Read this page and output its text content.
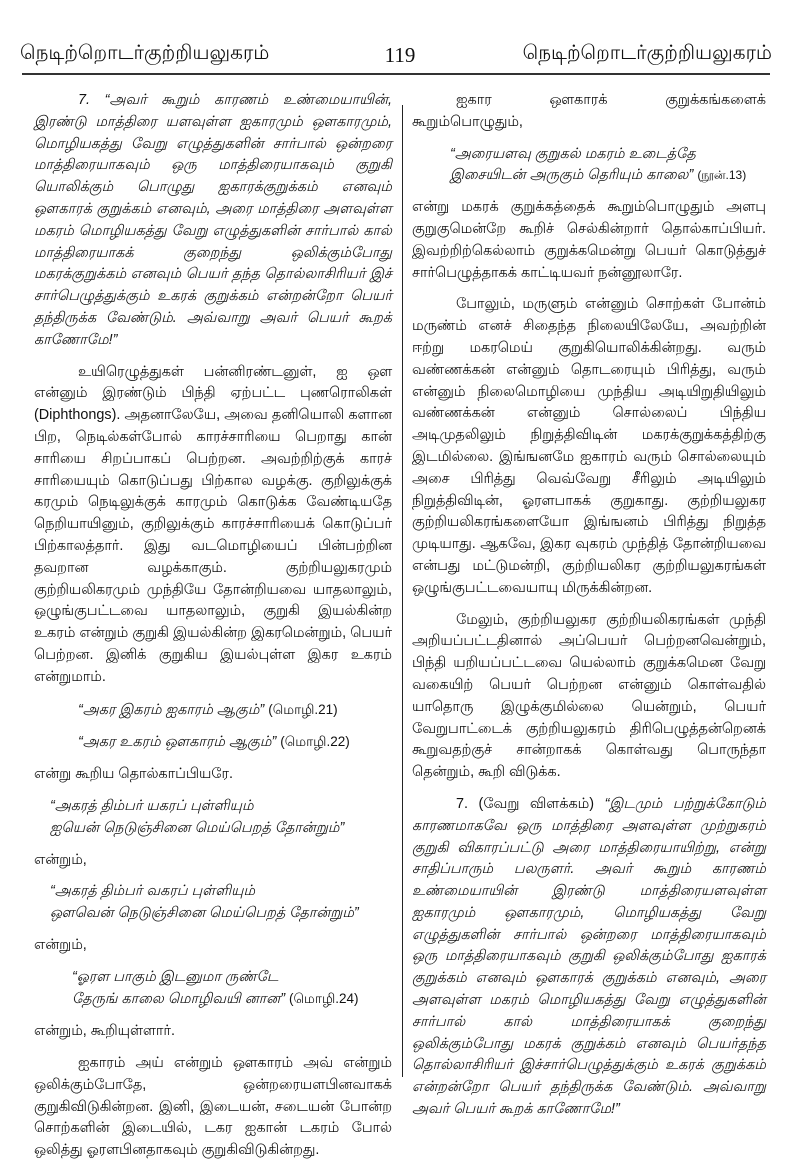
நெடிற்றொடர்குற்றியலுகரம்	119	நெடிற்றொடர்குற்றியலுகரம்

7. “அவர் கூறும் காரணம் உண்மையாயின், இரண்டு மாத்திரை யளவுள்ள ஐகாரமும் ஔகாரமும், மொழியகத்து வேறு எழுத்துகளின் சார்பால் ஒன்றரை மாத்திரையாகவும் ஒரு மாத்திரையாகவும் குறுகி யொலிக்கும் பொழுது ஐகாரக்குறுக்கம் எனவும் ஔகாரக் குறுக்கம் எனவும், அரை மாத்திரை அளவுள்ள மகரம் மொழியகத்து வேறு எழுத்துகளின் சார்பால் கால் மாத்திரையாகக் குறைந்து ஒலிக்கும்போது மகரக்குறுக்கம் எனவும் பெயர் தந்த தொல்லாசிரியர் இச் சார்பெழுத்துக்கும் உகரக் குறுக்கம் என்றன்றோ பெயர் தந்திருக்க வேண்டும். அவ்வாறு அவர் பெயர் கூறக் காணோமே!”

உயிரெழுத்துகள் பன்னிரண்டனுள், ஐ ஔ என்னும் இரண்டும் பிந்தி ஏற்பட்ட புணரொலிகள் (Diphthongs). அதனாலேயே, அவை தனியொலி களான பிற, நெடில்கள்போல் காரச்சாரியை பெறாது கான் சாரியை சிறப்பாகப் பெற்றன. அவற்றிற்குக் காரச் சாரியையும் கொடுப்பது பிற்கால வழக்கு. குறிலுக்குக் கரமும் நெடிலுக்குக் காரமும் கொடுக்க வேண்டியதே நெறியாயினும், குறிலுக்கும் காரச்சாரியைக் கொடுப்பர் பிற்காலத்தார். இது வடமொழியைப் பின்பற்றின தவறான வழக்காகும். குற்றியலுகரமும் குற்றியலிகரமும் முந்தியே தோன்றியவை யாதலாலும், ஒழுங்குபட்டவை யாதலாலும், குறுகி இயல்கின்ற உகரம் என்றும் குறுகி இயல்கின்ற இகரமென்றும், பெயர் பெற்றன. இனிக் குறுகிய இயல்புள்ள இகர உகரம் என்றுமாம்.

“அகர இகரம் ஐகாரம் ஆகும்” (மொழி.21)
“அகர உகரம் ஔகாரம் ஆகும்” (மொழி.22)

என்று கூறிய தொல்காப்பியரே.

“அகரத் திம்பர் யகரப் புள்ளியும்
ஐயென் நெடுஞ்சினை மெய்பெறத் தோன்றும்”

என்றும்,

“அகரத் திம்பர் வகரப் புள்ளியும்
ஔவென் நெடுஞ்சினை மெய்பெறத் தோன்றும்”

என்றும்,

“ஓரள பாகும் இடனுமா ருண்டே
தேருங் காலை மொழிவயி னான” (மொழி.24)

என்றும், கூறியுள்ளார்.

ஐகாரம் அய் என்றும் ஔகாரம் அவ் என்றும் ஒலிக்கும்போதே, ஒன்றரையளபினவாகக் குறுகிவிடுகின்றன. இனி, இடையன், சடையன் போன்ற சொற்களின் இடையில், டகர ஐகான் டகரம் போல் ஒலித்து ஓரளபினதாகவும் குறுகிவிடுகின்றது.

ஐகார ஔகாரக் குறுக்கங்களைக் கூறும்பொழுதும்,

“அரையளவு குறுகல் மகரம் உடைத்தே
இசையிடன் அருகும் தெரியும் காலை” (நூன்.13)

என்று மகரக் குறுக்கத்தைக் கூறும்பொழுதும் அளபு குறுகுமென்றே கூறிச் செல்கின்றார் தொல்காப்பியர். இவற்றிற்கெல்லாம் குறுக்கமென்று பெயர் கொடுத்துச் சார்பெழுத்தாகக் காட்டியவர் நன்னூலாரே.

போலும், மருளும் என்னும் சொற்கள் போன்ம் மருண்ம் எனச் சிதைந்த நிலையிலேயே, அவற்றின் ஈற்று மகரமெய் குறுகியொலிக்கின்றது. வரும் வண்ணக்கன் என்னும் தொடரையும் பிரித்து, வரும் என்னும் நிலைமொழியை முந்திய அடியிறுதியிலும் வண்ணக்கன் என்னும் சொல்லைப் பிந்திய அடிமுதலிலும் நிறுத்திவிடின் மகரக்குறுக்கத்திற்கு இடமில்லை. இங்ஙனமே ஐகாரம் வரும் சொல்லையும் அசை பிரித்து வெவ்வேறு சீரிலும் அடியிலும் நிறுத்திவிடின், ஓரளபாகக் குறுகாது. குற்றியலுகர குற்றியலிகரங்களையோ இங்ஙனம் பிரித்து நிறுத்த முடியாது. ஆகவே, இகர வுகரம் முந்தித் தோன்றியவை என்பது மட்டுமன்றி, குற்றியலிகர குற்றியலுகரங்கள் ஒழுங்குபட்டவையாயு மிருக்கின்றன.

மேலும், குற்றியலுகர குற்றியலிகரங்கள் முந்தி அறியப்பட்டதினால் அப்பெயர் பெற்றனவென்றும், பிந்தி யறியப்பட்டவை யெல்லாம் குறுக்கமென வேறு வகையிற் பெயர் பெற்றன என்னும் கொள்வதில் யாதொரு இழுக்குமில்லை யென்றும், பெயர் வேறுபாட்டைக் குற்றியலுகரம் திரிபெழுத்தன்றெனக் கூறுவதற்குச் சான்றாகக் கொள்வது பொருந்தா தென்றும், கூறி விடுக்க.

7. (வேறு விளக்கம்) “இடமும் பற்றுக்கோடும் காரணமாகவே ஒரு மாத்திரை அளவுள்ள முற்றுகரம் குறுகி விகாரப்பட்டு அரை மாத்திரையாயிற்று, என்று சாதிப்பாரும் பலருளர். அவர் கூறும் காரணம் உண்மையாயின் இரண்டு மாத்திரையளவுள்ள ஐகாரமும் ஔகாரமும், மொழியகத்து வேறு எழுத்துகளின் சார்பால் ஒன்றரை மாத்திரையாகவும் ஒரு மாத்திரையாகவும் குறுகி ஒலிக்கும்போது ஐகாரக் குறுக்கம் எனவும் ஔகாரக் குறுக்கம் எனவும், அரை அளவுள்ள மகரம் மொழியகத்து வேறு எழுத்துகளின் சார்பால் கால் மாத்திரையாகக் குறைந்து ஒலிக்கும்போது மகரக் குறுக்கம் எனவும் பெயர்தந்த தொல்லாசிரியர் இச்சார்பெழுத்துக்கும் உகரக் குறுக்கம் என்றன்றோ பெயர் தந்திருக்க வேண்டும். அவ்வாறு அவர் பெயர் கூறக் காணோமே!”
